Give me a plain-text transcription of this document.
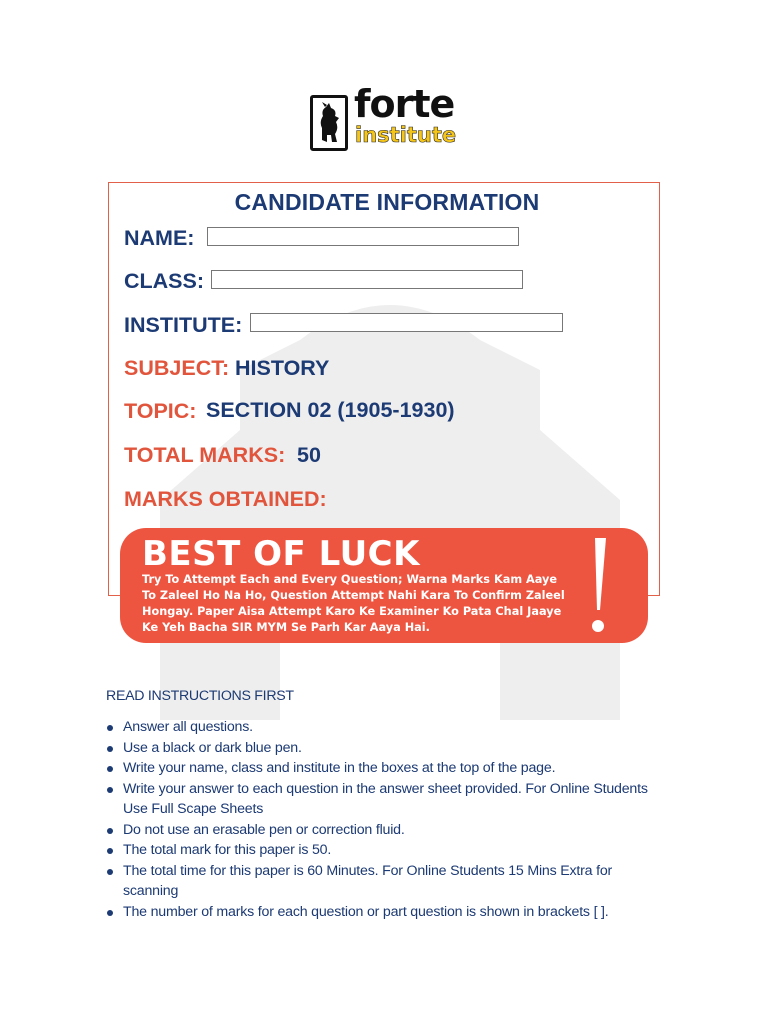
forte
institute
CANDIDATE INFORMATION
NAME:
CLASS:
INSTITUTE:
SUBJECT: HISTORY
TOPIC: SECTION 02 (1905-1930)
TOTAL MARKS: 50
MARKS OBTAINED:
BEST OF LUCK
Try To Attempt Each and Every Question; Warna Marks Kam Aaye To Zaleel Ho Na Ho, Question Attempt Nahi Kara To Confirm Zaleel Hongay. Paper Aisa Attempt Karo Ke Examiner Ko Pata Chal Jaaye Ke Yeh Bacha SIR MYM Se Parh Kar Aaya Hai.
READ INSTRUCTIONS FIRST
Answer all questions.
Use a black or dark blue pen.
Write your name, class and institute in the boxes at the top of the page.
Write your answer to each question in the answer sheet provided. For Online Students Use Full Scape Sheets
Do not use an erasable pen or correction fluid.
The total mark for this paper is 50.
The total time for this paper is 60 Minutes. For Online Students 15 Mins Extra for scanning
The number of marks for each question or part question is shown in brackets [ ].
